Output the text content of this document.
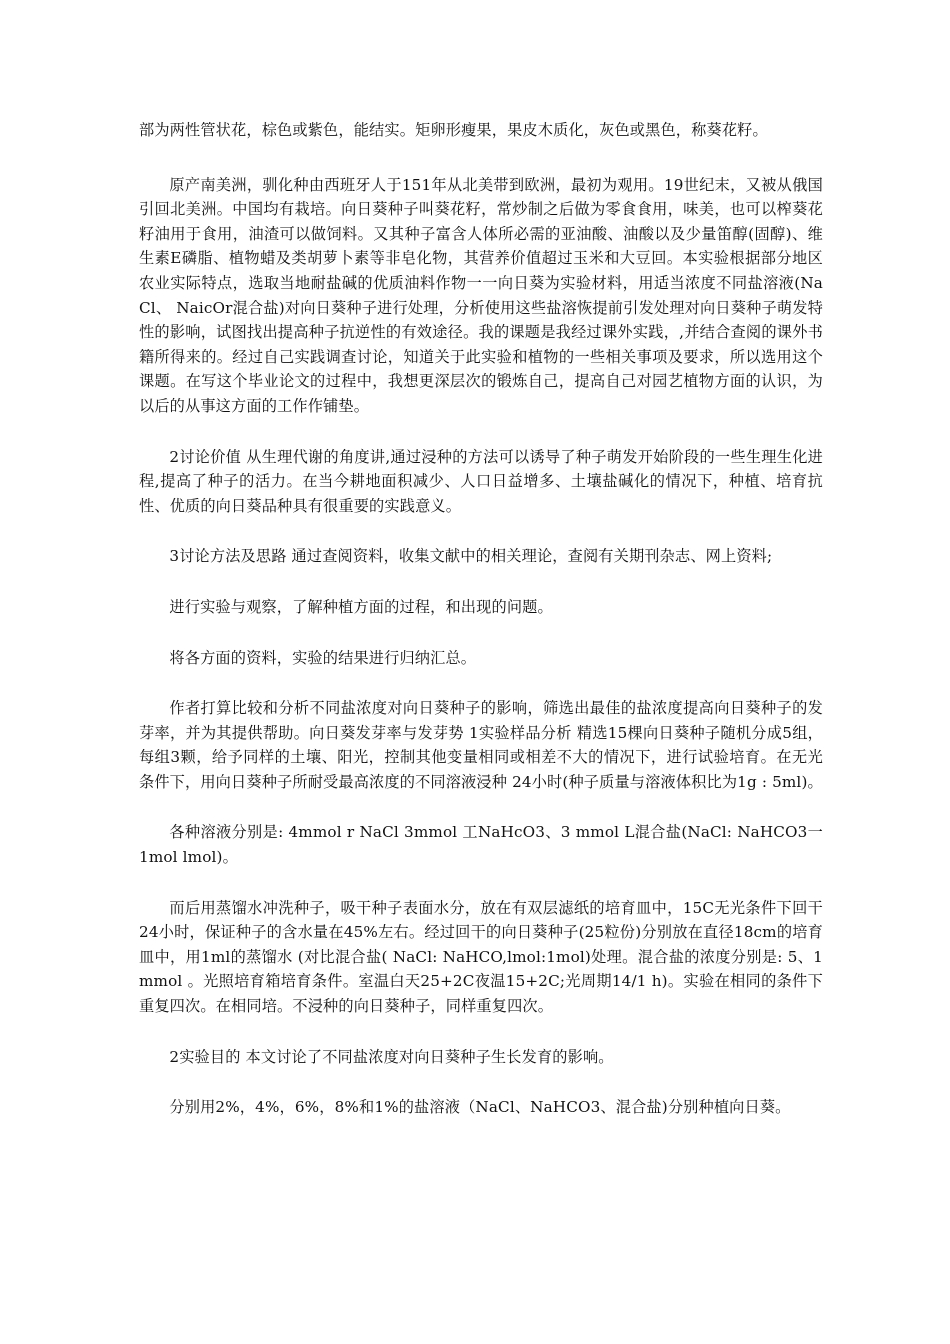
部为两性管状花，棕色或紫色，能结实。矩卵形瘦果，果皮木质化，灰色或黑色，称葵花籽。

原产南美洲，驯化种由西班牙人于151年从北美带到欧洲，最初为观用。19世纪末，又被从俄国引回北美洲。中国均有栽培。向日葵种子叫葵花籽，常炒制之后做为零食食用，味美，也可以榨葵花籽油用于食用，油渣可以做饲料。又其种子富含人体所必需的亚油酸、油酸以及少量笛醇(固醇)、维生素E磷脂、植物蜡及类胡萝卜素等非皂化物，其营养价值超过玉米和大豆回。本实验根据部分地区农业实际特点，选取当地耐盐碱的优质油料作物一一向日葵为实验材料，用适当浓度不同盐溶液(NaCl、 NaicOr混合盐)对向日葵种子进行处理，分析使用这些盐溶恢提前引发处理对向日葵种子萌发特性的影响，试图找出提高种子抗逆性的有效途径。我的课题是我经过课外实践，,并结合查阅的课外书籍所得来的。经过自己实践调查讨论，知道关于此实验和植物的一些相关事项及要求，所以选用这个课题。在写这个毕业论文的过程中，我想更深层次的锻炼自己，提高自己对园艺植物方面的认识，为以后的从事这方面的工作作铺垫。

2讨论价值 从生理代谢的角度讲,通过浸种的方法可以诱导了种子萌发开始阶段的一些生理生化进程,提高了种子的活力。在当今耕地面积减少、人口日益增多、土壤盐碱化的情况下，种植、培育抗性、优质的向日葵品种具有很重要的实践意义。

3讨论方法及思路 通过查阅资料，收集文献中的相关理论，查阅有关期刊杂志、网上资料;

进行实验与观察，了解种植方面的过程，和出现的问题。

将各方面的资料，实验的结果进行归纳汇总。

作者打算比较和分析不同盐浓度对向日葵种子的影响，筛选出最佳的盐浓度提高向日葵种子的发芽率，并为其提供帮助。向日葵发芽率与发芽势 1实验样品分析 精选15棵向日葵种子随机分成5组，每组3颗，给予同样的土壤、阳光，控制其他变量相同或相差不大的情况下，进行试验培育。在无光条件下，用向日葵种子所耐受最高浓度的不同溶液浸种 24小时(种子质量与溶液体积比为1g : 5ml)。

各种溶液分别是: 4mmol r NaCl 3mmol 工NaHcO3、3 mmol L混合盐(NaCl: NaHCO3一1mol lmol)。

而后用蒸馏水冲洗种子，吸干种子表面水分，放在有双层滤纸的培育皿中，15C无光条件下回干24小时，保证种子的含水量在45%左右。经过回干的向日葵种子(25粒份)分别放在直径18cm的培育皿中，用1ml的蒸馏水 (对比混合盐( NaCl: NaHCO,lmol:1mol)处理。混合盐的浓度分别是: 5、1mmol 。光照培育箱培育条件。室温白天25+2C夜温15+2C;光周期14/1 h)。实验在相同的条件下重复四次。在相同培。不浸种的向日葵种子，同样重复四次。

2实验目的 本文讨论了不同盐浓度对向日葵种子生长发育的影响。

分别用2%，4%，6%，8%和1%的盐溶液（NaCl、NaHCO3、混合盐)分别种植向日葵。
